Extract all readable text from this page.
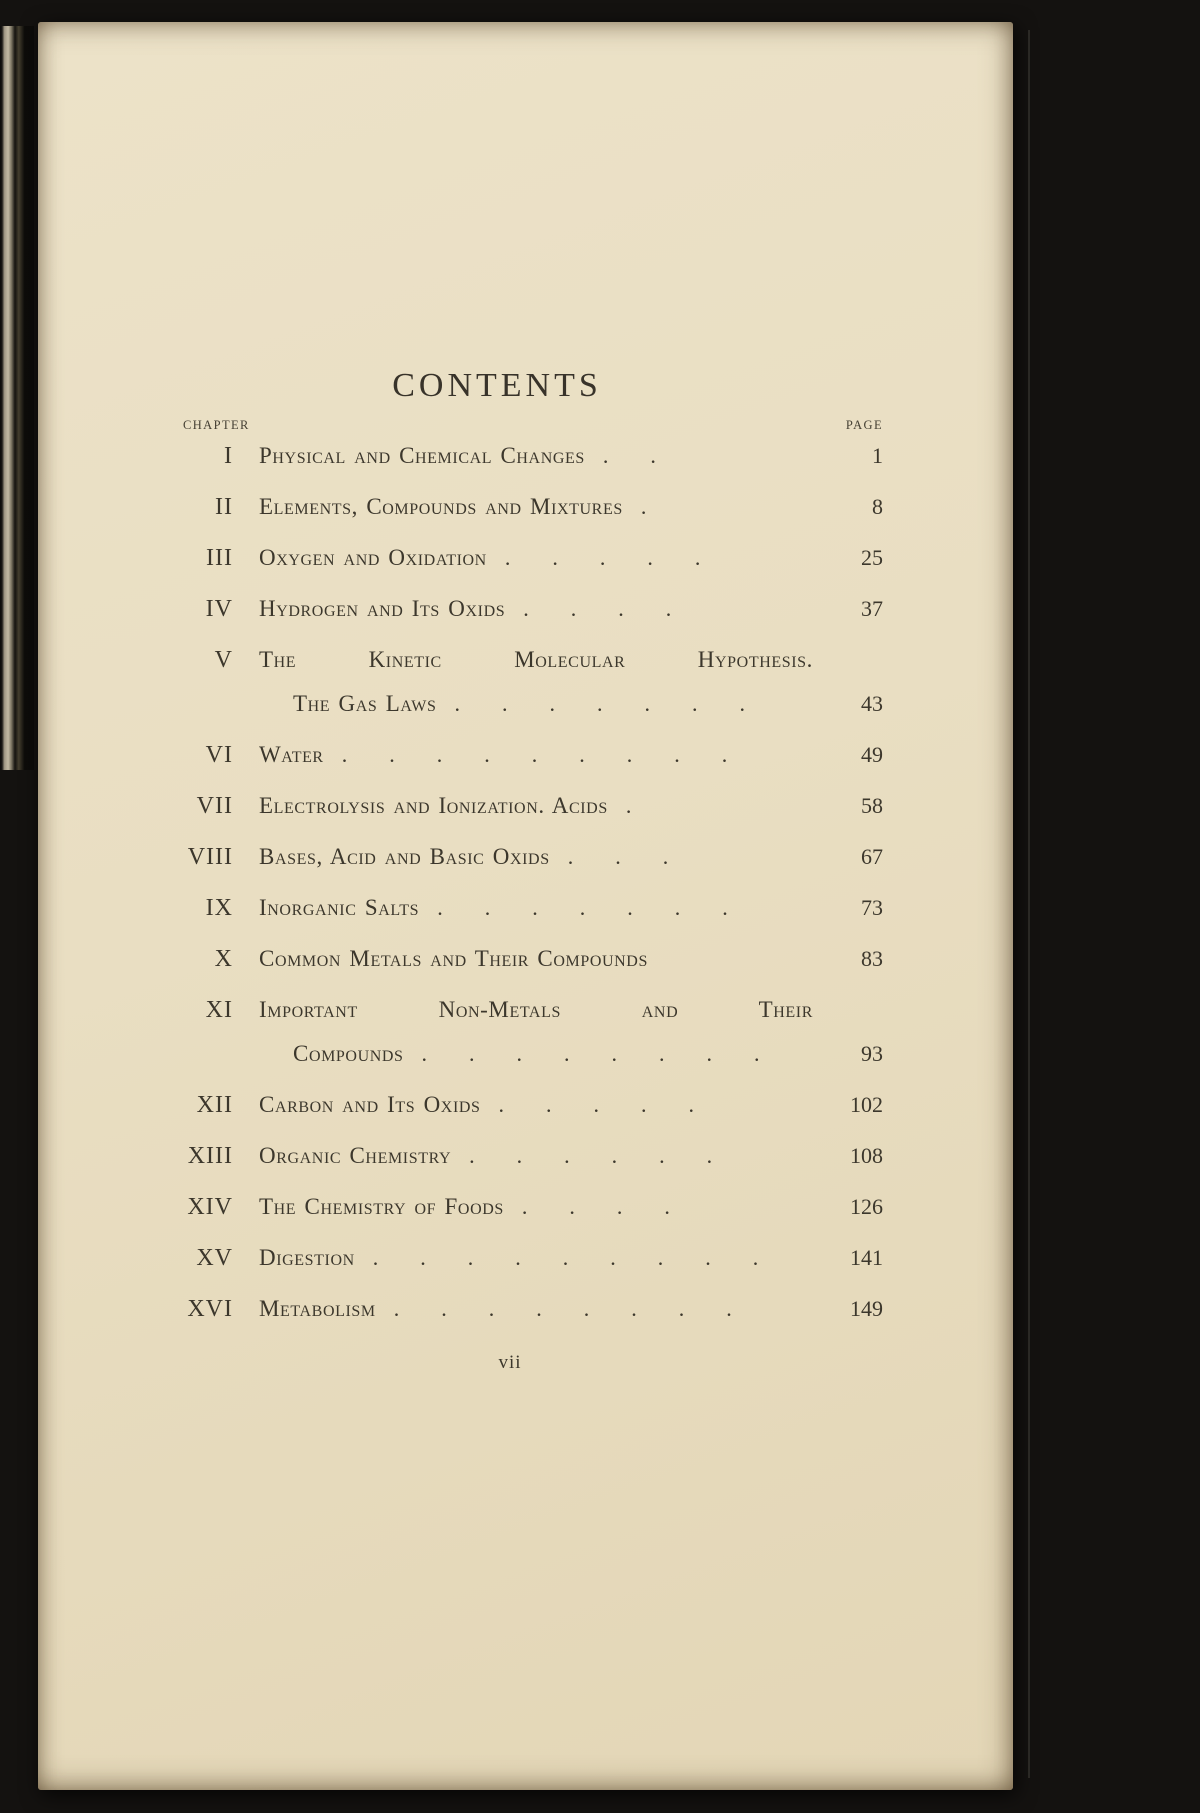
CONTENTS
CHAPTER	PAGE
I Physical and Chemical Changes ..	1
II Elements, Compounds and Mixtures .	8
III Oxygen and Oxidation .....	25
IV Hydrogen and Its Oxids ....	37
V The Kinetic Molecular Hypothesis.
The Gas Laws .......	43
VI Water .........	49
VII Electrolysis and Ionization. Acids .	58
VIII Bases, Acid and Basic Oxids ...	67
IX Inorganic Salts .......	73
X Common Metals and Their Compounds	83
XI Important Non-Metals and Their
Compounds ........	93
XII Carbon and Its Oxids .....	102
XIII Organic Chemistry ......	108
XIV The Chemistry of Foods ....	126
XV Digestion .........	141
XVI Metabolism ........	149
vii
